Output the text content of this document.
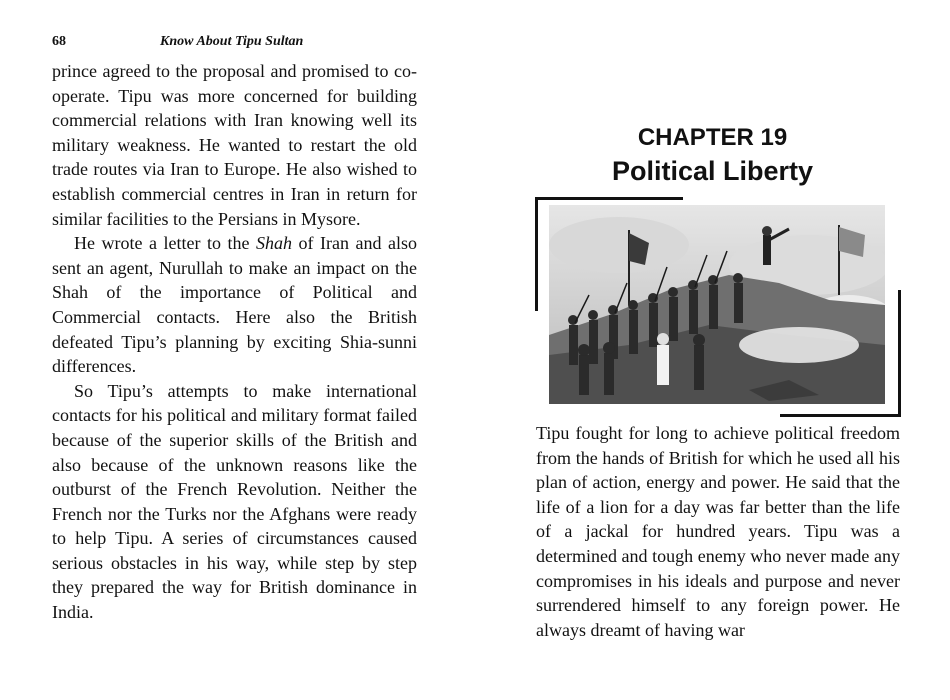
68	Know About Tipu Sultan

prince agreed to the proposal and promised to co-operate. Tipu was more concerned for building commercial relations with Iran knowing well its military weakness. He wanted to restart the old trade routes via Iran to Europe. He also wished to establish commercial centres in Iran in return for similar facilities to the Persians in Mysore.

He wrote a letter to the Shah of Iran and also sent an agent, Nurullah to make an impact on the Shah of the importance of Political and Commercial contacts. Here also the British defeated Tipu’s planning by exciting Shia-sunni differences.

So Tipu’s attempts to make international contacts for his political and military format failed because of the superior skills of the British and also because of the unknown reasons like the outburst of the French Revolution. Neither the French nor the Turks nor the Afghans were ready to help Tipu. A series of circumstances caused serious obstacles in his way, while step by step they prepared the way for British dominance in India.

CHAPTER 19
Political Liberty

Tipu fought for long to achieve political freedom from the hands of British for which he used all his plan of action, energy and power. He said that the life of a lion for a day was far better than the life of a jackal for hundred years. Tipu was a determined and tough enemy who never made any compromises in his ideals and purpose and never surrendered himself to any foreign power. He always dreamt of having war
